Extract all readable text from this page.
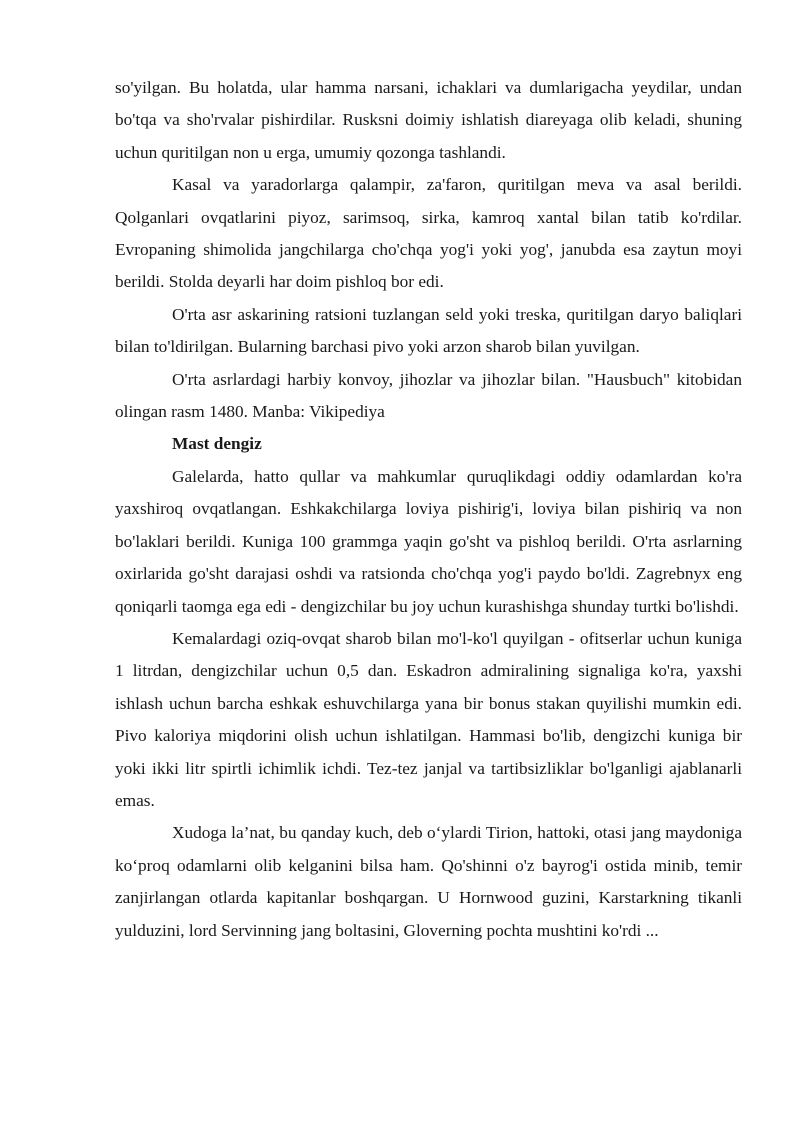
so'yilgan. Bu holatda, ular hamma narsani, ichaklari va dumlarigacha yeydilar, undan bo'tqa va sho'rvalar pishirdilar. Rusksni doimiy ishlatish diareyaga olib keladi, shuning uchun quritilgan non u erga, umumiy qozonga tashlandi.

Kasal va yaradorlarga qalampir, za'faron, quritilgan meva va asal berildi. Qolganlari ovqatlarini piyoz, sarimsoq, sirka, kamroq xantal bilan tatib ko'rdilar. Evropaning shimolida jangchilarga cho'chqa yog'i yoki yog', janubda esa zaytun moyi berildi. Stolda deyarli har doim pishloq bor edi.

O'rta asr askarining ratsioni tuzlangan seld yoki treska, quritilgan daryo baliqlari bilan to'ldirilgan. Bularning barchasi pivo yoki arzon sharob bilan yuvilgan.

O'rta asrlardagi harbiy konvoy, jihozlar va jihozlar bilan. "Hausbuch" kitobidan olingan rasm 1480. Manba: Vikipediya

Mast dengiz

Galelarda, hatto qullar va mahkumlar quruqlikdagi oddiy odamlardan ko'ra yaxshiroq ovqatlangan. Eshkakchilarga loviya pishirig'i, loviya bilan pishiriq va non bo'laklari berildi. Kuniga 100 grammga yaqin go'sht va pishloq berildi. O'rta asrlarning oxirlarida go'sht darajasi oshdi va ratsionda cho'chqa yog'i paydo bo'ldi. Zagrebnyx eng qoniqarli taomga ega edi - dengizchilar bu joy uchun kurashishga shunday turtki bo'lishdi.

Kemalardagi oziq-ovqat sharob bilan mo'l-ko'l quyilgan - ofitserlar uchun kuniga 1 litrdan, dengizchilar uchun 0,5 dan. Eskadron admiralining signaliga ko'ra, yaxshi ishlash uchun barcha eshkak eshuvchilarga yana bir bonus stakan quyilishi mumkin edi. Pivo kaloriya miqdorini olish uchun ishlatilgan. Hammasi bo'lib, dengizchi kuniga bir yoki ikki litr spirtli ichimlik ichdi. Tez-tez janjal va tartibsizliklar bo'lganligi ajablanarli emas.

Xudoga la’nat, bu qanday kuch, deb o‘ylardi Tirion, hattoki, otasi jang maydoniga ko‘proq odamlarni olib kelganini bilsa ham. Qo'shinni o'z bayrog'i ostida minib, temir zanjirlangan otlarda kapitanlar boshqargan. U Hornwood guzini, Karstarkning tikanli yulduzini, lord Servinning jang boltasini, Gloverning pochta mushtini ko'rdi ...
